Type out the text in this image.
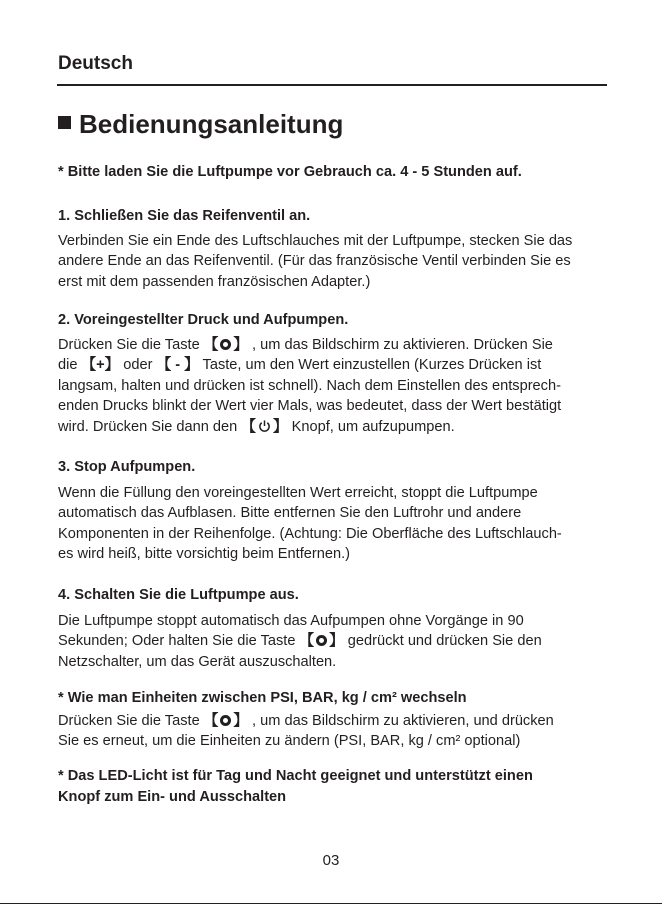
Deutsch
Bedienungsanleitung
* Bitte laden Sie die Luftpumpe vor Gebrauch ca. 4 - 5 Stunden auf.
1. Schließen Sie das Reifenventil an.
Verbinden Sie ein Ende des Luftschlauches mit der Luftpumpe, stecken Sie das
andere Ende an das Reifenventil. (Für das französische Ventil verbinden Sie es
erst mit dem passenden französischen Adapter.)
2. Voreingestellter Druck und Aufpumpen.
Drücken Sie die Taste 【 】 , um das Bildschirm zu aktivieren. Drücken Sie
die 【+】 oder 【 - 】 Taste, um den Wert einzustellen (Kurzes Drücken ist
langsam, halten und drücken ist schnell). Nach dem Einstellen des entsprech-
enden Drucks blinkt der Wert vier Mals, was bedeutet, dass der Wert bestätigt
wird. Drücken Sie dann den 【 】 Knopf, um aufzupumpen.
3. Stop Aufpumpen.
Wenn die Füllung den voreingestellten Wert erreicht, stoppt die Luftpumpe
automatisch das Aufblasen. Bitte entfernen Sie den Luftrohr und andere
Komponenten in der Reihenfolge. (Achtung: Die Oberfläche des Luftschlauch-
es wird heiß, bitte vorsichtig beim Entfernen.)
4. Schalten Sie die Luftpumpe aus.
Die Luftpumpe stoppt automatisch das Aufpumpen ohne Vorgänge in 90
Sekunden; Oder halten Sie die Taste 【 】 gedrückt und drücken Sie den
Netzschalter, um das Gerät auszuschalten.
* Wie man Einheiten zwischen PSI, BAR, kg / cm² wechseln
Drücken Sie die Taste 【 】 , um das Bildschirm zu aktivieren, und drücken
Sie es erneut, um die Einheiten zu ändern (PSI, BAR, kg / cm² optional)
* Das LED-Licht ist für Tag und Nacht geeignet und unterstützt einen
Knopf zum Ein- und Ausschalten
03
